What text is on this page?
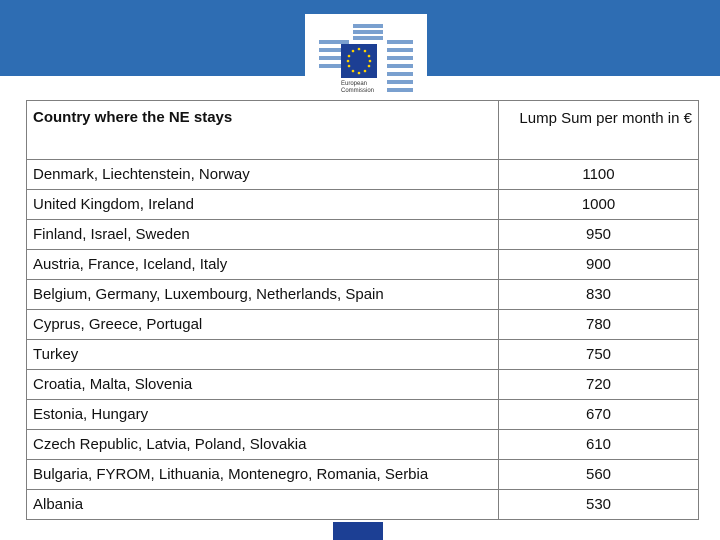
European
Commission
Country where the NE stays	Lump Sum per month in €
Denmark, Liechtenstein, Norway	1100
United Kingdom, Ireland	1000
Finland, Israel, Sweden	950
Austria, France, Iceland, Italy	900
Belgium, Germany, Luxembourg, Netherlands, Spain	830
Cyprus, Greece, Portugal	780
Turkey	750
Croatia, Malta, Slovenia	720
Estonia, Hungary	670
Czech Republic, Latvia, Poland, Slovakia	610
Bulgaria, FYROM, Lithuania, Montenegro, Romania, Serbia	560
Albania	530
